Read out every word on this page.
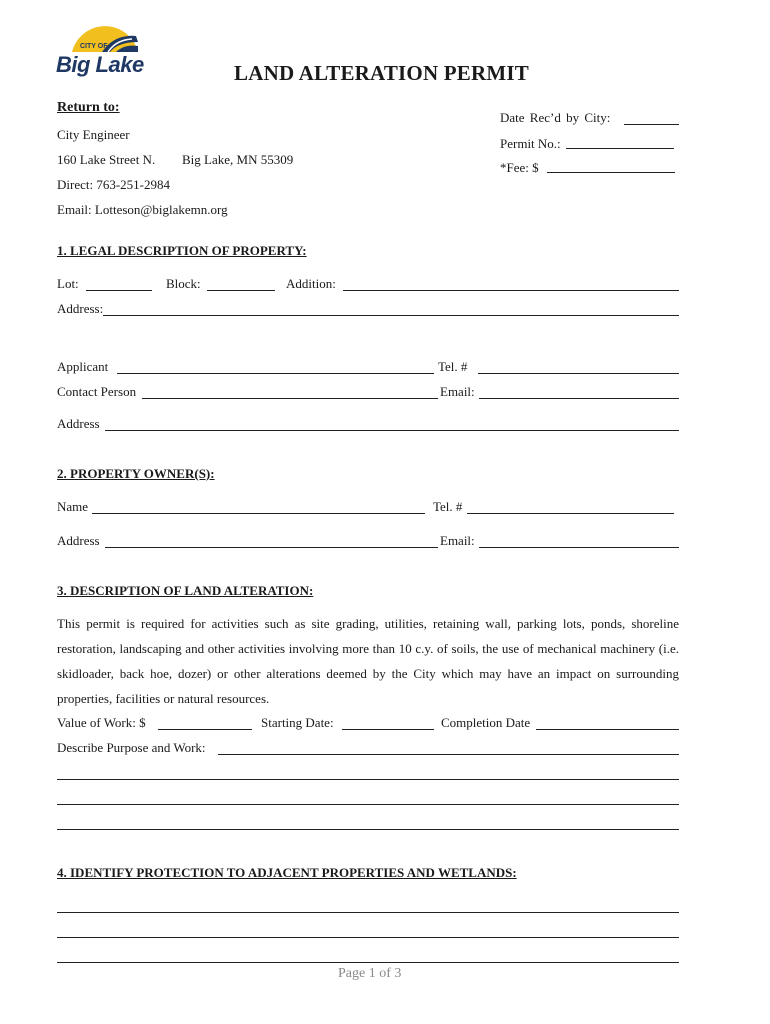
CITY OF
Big Lake	LAND ALTERATION PERMIT
Return to:
City Engineer
160 Lake Street N. Big Lake, MN 55309
Direct: 763-251-2984
Email: Lotteson@biglakemn.org
Date Rec’d by City:
Permit No.:
*Fee: $
1. LEGAL DESCRIPTION OF PROPERTY:
Lot:	Block:	Addition:
Address:
Applicant	Tel. #
Contact Person	Email:
Address
2. PROPERTY OWNER(S):
Name	Tel. #
Address	Email:
3. DESCRIPTION OF LAND ALTERATION:
This permit is required for activities such as site grading, utilities, retaining wall, parking lots, ponds, shoreline restoration, landscaping and other activities involving more than 10 c.y. of soils, the use of mechanical machinery (i.e. skidloader, back hoe, dozer) or other alterations deemed by the City which may have an impact on surrounding properties, facilities or natural resources.
Value of Work: $	Starting Date:	Completion Date
Describe Purpose and Work:
4. IDENTIFY PROTECTION TO ADJACENT PROPERTIES AND WETLANDS:
Page 1 of 3
